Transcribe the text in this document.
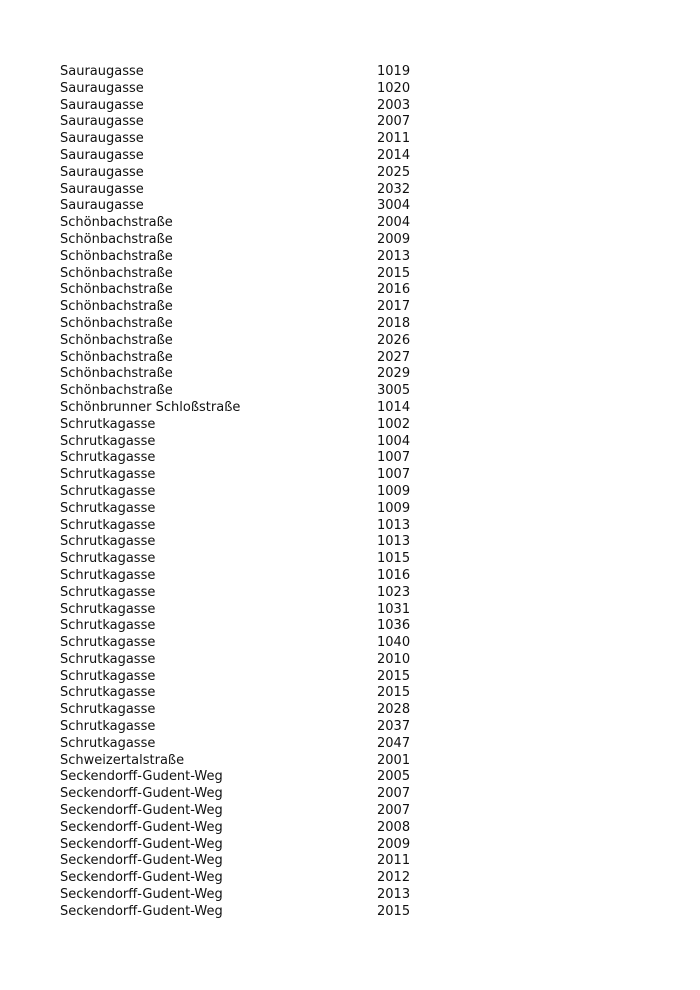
Sauraugasse	1019
Sauraugasse	1020
Sauraugasse	2003
Sauraugasse	2007
Sauraugasse	2011
Sauraugasse	2014
Sauraugasse	2025
Sauraugasse	2032
Sauraugasse	3004
Schönbachstraße	2004
Schönbachstraße	2009
Schönbachstraße	2013
Schönbachstraße	2015
Schönbachstraße	2016
Schönbachstraße	2017
Schönbachstraße	2018
Schönbachstraße	2026
Schönbachstraße	2027
Schönbachstraße	2029
Schönbachstraße	3005
Schönbrunner Schloßstraße	1014
Schrutkagasse	1002
Schrutkagasse	1004
Schrutkagasse	1007
Schrutkagasse	1007
Schrutkagasse	1009
Schrutkagasse	1009
Schrutkagasse	1013
Schrutkagasse	1013
Schrutkagasse	1015
Schrutkagasse	1016
Schrutkagasse	1023
Schrutkagasse	1031
Schrutkagasse	1036
Schrutkagasse	1040
Schrutkagasse	2010
Schrutkagasse	2015
Schrutkagasse	2015
Schrutkagasse	2028
Schrutkagasse	2037
Schrutkagasse	2047
Schweizertalstraße	2001
Seckendorff-Gudent-Weg	2005
Seckendorff-Gudent-Weg	2007
Seckendorff-Gudent-Weg	2007
Seckendorff-Gudent-Weg	2008
Seckendorff-Gudent-Weg	2009
Seckendorff-Gudent-Weg	2011
Seckendorff-Gudent-Weg	2012
Seckendorff-Gudent-Weg	2013
Seckendorff-Gudent-Weg	2015
